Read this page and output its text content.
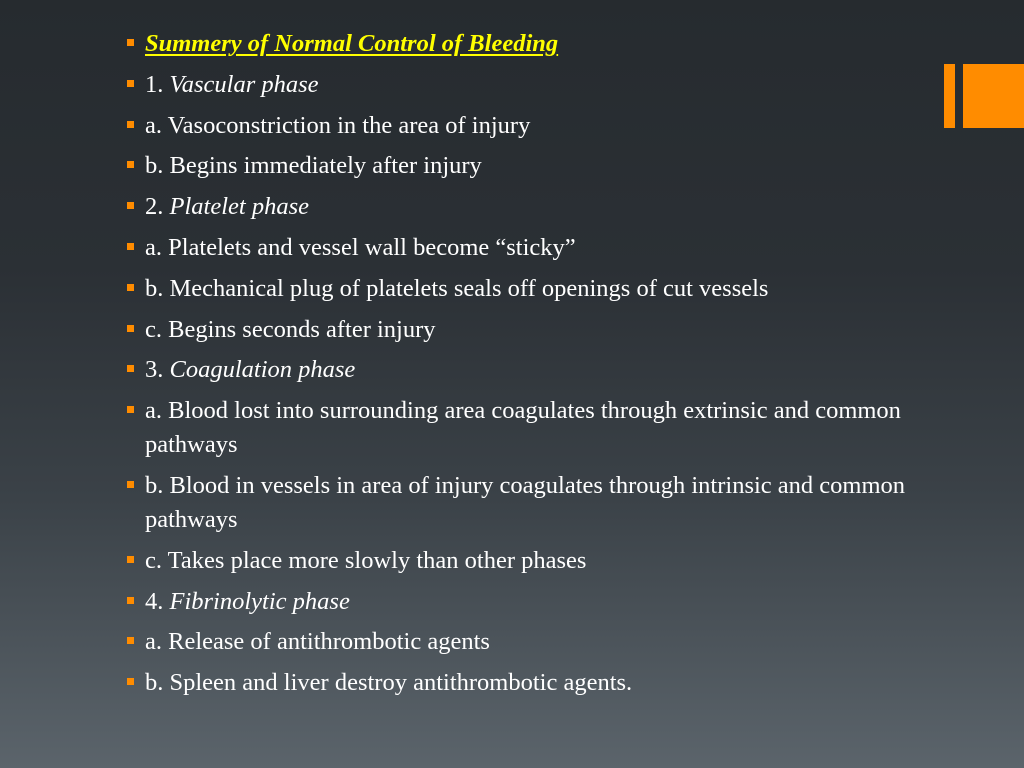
Summery of Normal Control of Bleeding
1. Vascular phase
a. Vasoconstriction in the area of injury
b. Begins immediately after injury
2. Platelet phase
a. Platelets and vessel wall become “sticky”
b. Mechanical plug of platelets seals off openings of cut vessels
c. Begins seconds after injury
3. Coagulation phase
a. Blood lost into surrounding area coagulates through extrinsic and common pathways
b. Blood in vessels in area of injury coagulates through intrinsic and common pathways
c. Takes place more slowly than other phases
4. Fibrinolytic phase
a. Release of antithrombotic agents
b. Spleen and liver destroy antithrombotic agents.
